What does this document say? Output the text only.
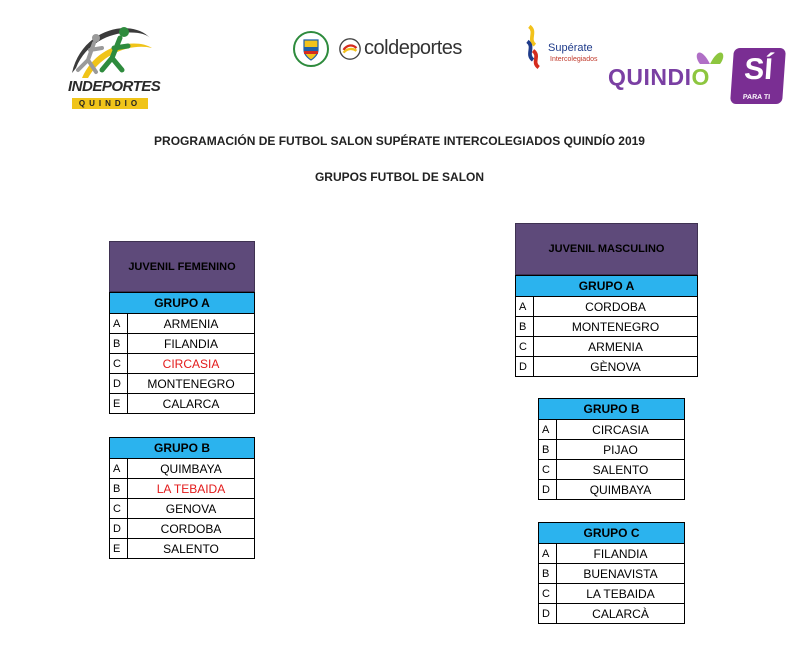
INDEPORTES
QUINDIO
coldeportes	Supérate
Intercolegiados
QUINDIO	SÍ
PARA TI
PROGRAMACIÓN DE FUTBOL SALON SUPÉRATE INTERCOLEGIADOS QUINDÍO 2019
GRUPOS FUTBOL DE SALON
JUVENIL FEMENINO
GRUPO A	
A	ARMENIA
B	FILANDIA
C	CIRCASIA
D	MONTENEGRO
E	CALARCA
GRUPO B	
A	QUIMBAYA
B	LA TEBAIDA
C	GENOVA
D	CORDOBA
E	SALENTO
JUVENIL MASCULINO
GRUPO A	
A	CORDOBA
B	MONTENEGRO
C	ARMENIA
D	GÈNOVA
GRUPO B	
A	CIRCASIA
B	PIJAO
C	SALENTO
D	QUIMBAYA
GRUPO C	
A	FILANDIA
B	BUENAVISTA
C	LA TEBAIDA
D	CALARCÀ
